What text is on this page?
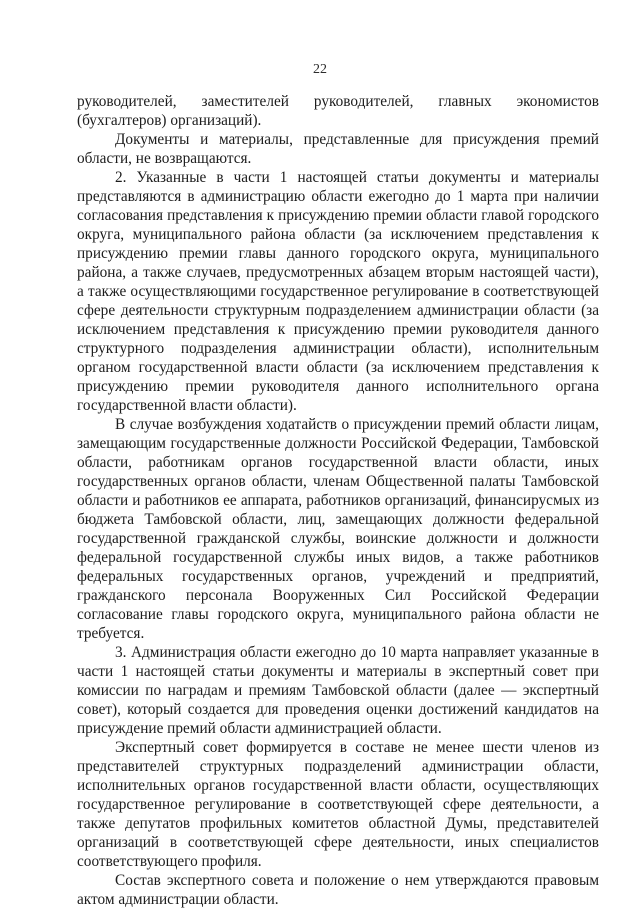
22

руководителей, заместителей руководителей, главных экономистов (бухгалтеров) организаций).

Документы и материалы, представленные для присуждения премий области, не возвращаются.

2. Указанные в части 1 настоящей статьи документы и материалы представляются в администрацию области ежегодно до 1 марта при наличии согласования представления к присуждению премии области главой городского округа, муниципального района области (за исключением представления к присуждению премии главы данного городского округа, муниципального района, а также случаев, предусмотренных абзацем вторым настоящей части), а также осуществляющими государственное регулирование в соответствующей сфере деятельности структурным подразделением администрации области (за исключением представления к присуждению премии руководителя данного структурного подразделения администрации области), исполнительным органом государственной власти области (за исключением представления к присуждению премии руководителя данного исполнительного органа государственной власти области).

В случае возбуждения ходатайств о присуждении премий области лицам, замещающим государственные должности Российской Федерации, Тамбовской области, работникам органов государственной власти области, иных государственных органов области, членам Общественной палаты Тамбовской области и работников ее аппарата, работников организаций, финансирусмых из бюджета Тамбовской области, лиц, замещающих должности федеральной государственной гражданской службы, воинские должности и должности федеральной государственной службы иных видов, а также работников федеральных государственных органов, учреждений и предприятий, гражданского персонала Вооруженных Сил Российской Федерации согласование главы городского округа, муниципального района области не требуется.

3. Администрация области ежегодно до 10 марта направляет указанные в части 1 настоящей статьи документы и материалы в экспертный совет при комиссии по наградам и премиям Тамбовской области (далее — экспертный совет), который создается для проведения оценки достижений кандидатов на присуждение премий области администрацией области.

Экспертный совет формируется в составе не менее шести членов из представителей структурных подразделений администрации области, исполнительных органов государственной власти области, осуществляющих государственное регулирование в соответствующей сфере деятельности, а также депутатов профильных комитетов областной Думы, представителей организаций в соответствующей сфере деятельности, иных специалистов соответствующего профиля.

Состав экспертного совета и положение о нем утверждаются правовым актом администрации области.
